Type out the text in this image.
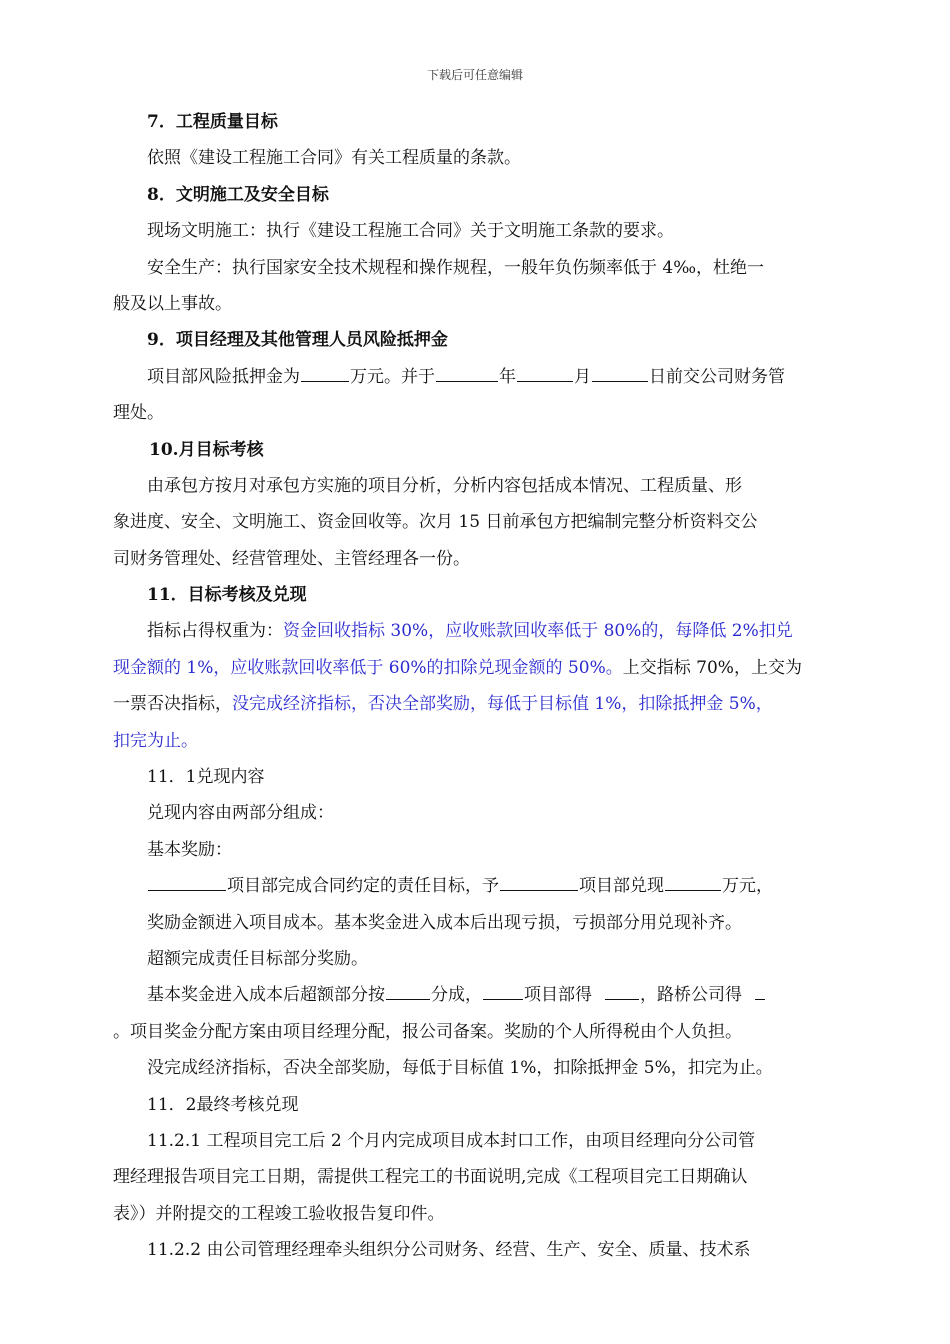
下载后可任意编辑
7．工程质量目标
依照《建设工程施工合同》有关工程质量的条款。
8．文明施工及安全目标
现场文明施工：执行《建设工程施工合同》关于文明施工条款的要求。
安全生产：执行国家安全技术规程和操作规程，一般年负伤频率低于 4‰，杜绝一
般及以上事故。
9．项目经理及其他管理人员风险抵押金
项目部风险抵押金为	万元。并于	年	月	日前交公司财务管
理处。
10.月目标考核
由承包方按月对承包方实施的项目分析，分析内容包括成本情况、工程质量、形
象进度、安全、文明施工、资金回收等。次月 15 日前承包方把编制完整分析资料交公
司财务管理处、经营管理处、主管经理各一份。
11．目标考核及兑现
指标占得权重为：资金回收指标 30%，应收账款回收率低于 80%的，每降低 2%扣兑
现金额的 1%，应收账款回收率低于 60%的扣除兑现金额的 50%。上交指标 70%，上交为
一票否决指标，没完成经济指标，否决全部奖励，每低于目标值 1%，扣除抵押金 5%，
扣完为止。
11．1兑现内容
兑现内容由两部分组成：
基本奖励：
项目部完成合同约定的责任目标，予	项目部兑现	万元，
奖励金额进入项目成本。基本奖金进入成本后出现亏损，亏损部分用兑现补齐。
超额完成责任目标部分奖励。
基本奖金进入成本后超额部分按	分成， 项目部得	，路桥公司得
。项目奖金分配方案由项目经理分配，报公司备案。奖励的个人所得税由个人负担。
没完成经济指标，否决全部奖励，每低于目标值 1%，扣除抵押金 5%，扣完为止。
11．2最终考核兑现
11.2.1 工程项目完工后 2 个月内完成项目成本封口工作，由项目经理向分公司管
理经理报告项目完工日期，需提供工程完工的书面说明,完成《工程项目完工日期确认
表》）并附提交的工程竣工验收报告复印件。
11.2.2 由公司管理经理牵头组织分公司财务、经营、生产、安全、质量、技术系
